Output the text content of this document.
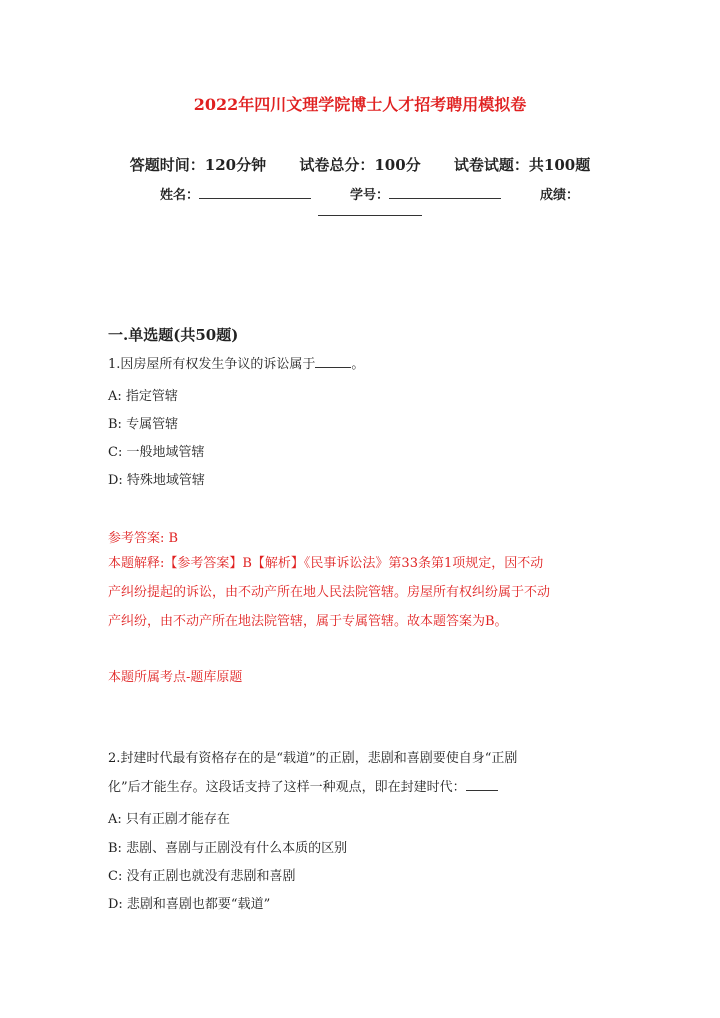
2022年四川文理学院博士人才招考聘用模拟卷
答题时间：120分钟 试卷总分：100分 试卷试题：共100题
姓名：	学号：	成绩：
一.单选题(共50题)
1.因房屋所有权发生争议的诉讼属于	。
A: 指定管辖
B: 专属管辖
C: 一般地域管辖
D: 特殊地域管辖
参考答案: B
本题解释:【参考答案】B【解析】《民事诉讼法》第33条第1项规定，因不动
产纠纷提起的诉讼，由不动产所在地人民法院管辖。房屋所有权纠纷属于不动
产纠纷，由不动产所在地法院管辖，属于专属管辖。故本题答案为B。
本题所属考点-题库原题
2.封建时代最有资格存在的是“载道”的正剧，悲剧和喜剧要使自身“正剧
化”后才能生存。这段话支持了这样一种观点，即在封建时代：
A: 只有正剧才能存在
B: 悲剧、喜剧与正剧没有什么本质的区别
C: 没有正剧也就没有悲剧和喜剧
D: 悲剧和喜剧也都要“载道”
